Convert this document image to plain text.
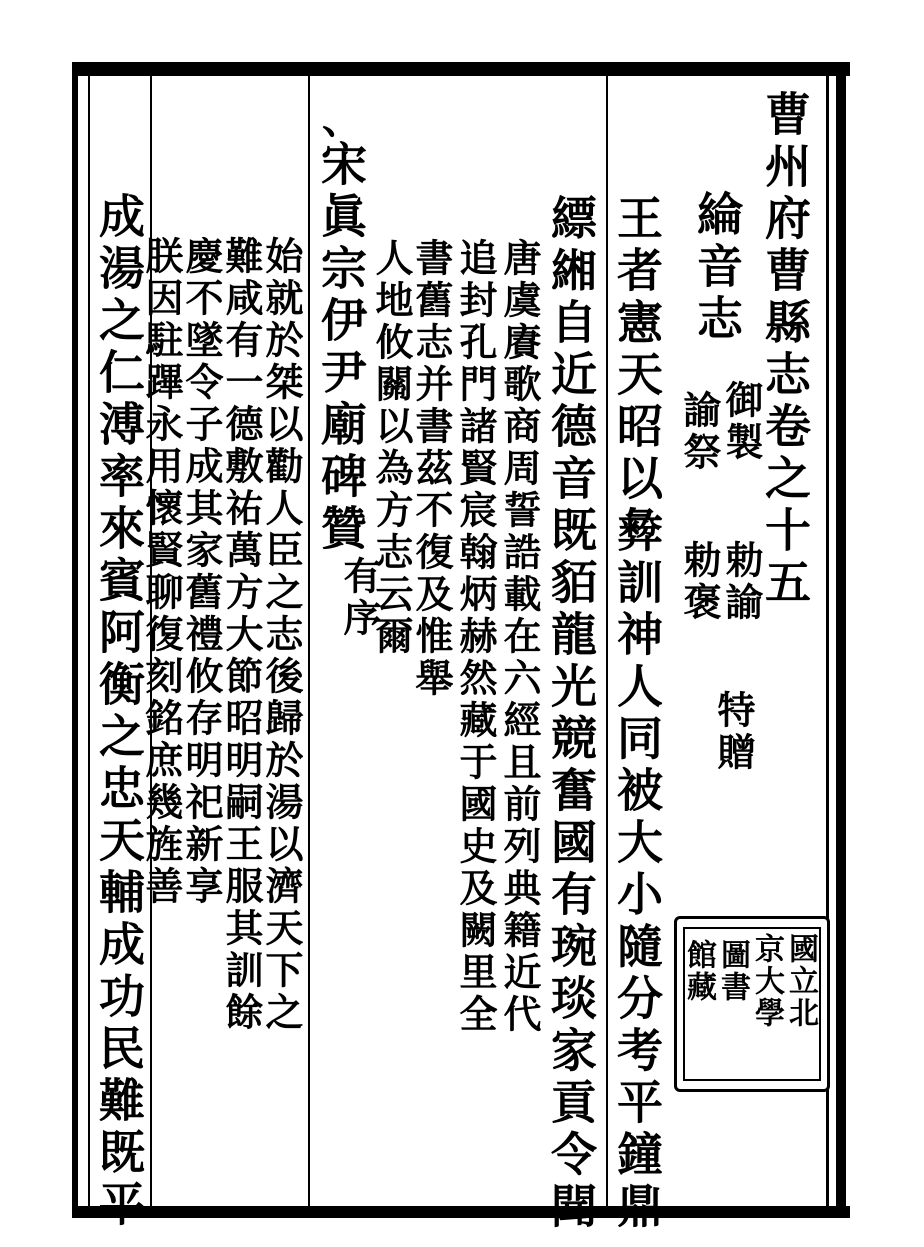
曹州府曹縣志卷之十五
綸音志
御製
諭祭
勅諭
勅褒
特贈
王者憲天昭以彜訓神人同被大小隨分考平鐘鼎
縹緗自近德音既貊龍光競奮國有琬琰家貢令聞
唐虞賡歌商周誓誥載在六經且前列典籍近代
追封孔門諸賢宸翰炳赫然藏于國史及闕里全
書舊志并書茲不復及惟舉
人地攸關以為方志云爾
宋眞宗伊尹廟碑贊
有序
、
始就於桀以勸人臣之志後歸於湯以濟天下之
難咸有一德敷祐萬方大節昭明嗣王服其訓餘
慶不墜令子成其家舊禮攸存明祀新享
朕因駐蹕永用懷賢聊復刻銘庶幾旌善
成湯之仁溥率來賓阿衡之忠天輔成功民難既平	國立北
京大學
圖書
館藏
